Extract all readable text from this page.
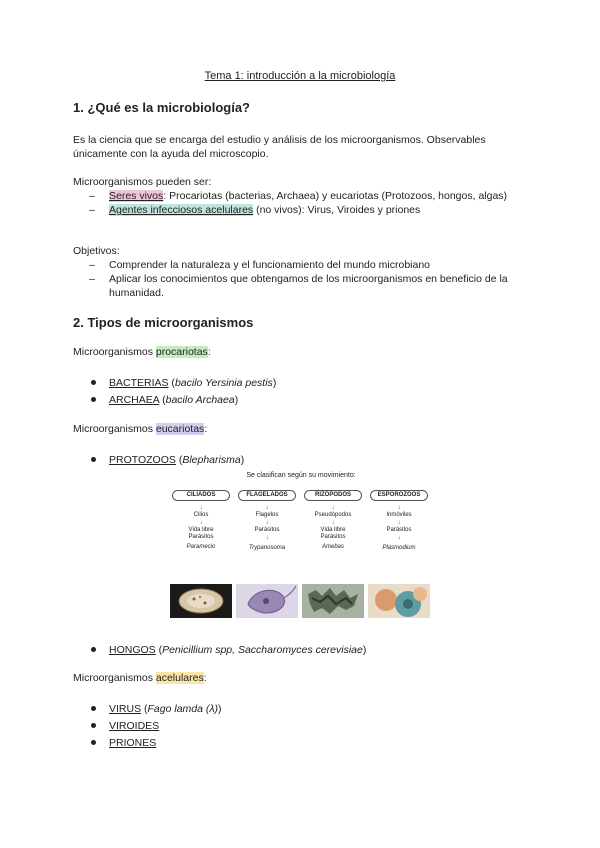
Tema 1: introducción a la microbiología
1. ¿Qué es la microbiología?
Es la ciencia que se encarga del estudio y análisis de los microorganismos. Observables únicamente con la ayuda del microscopio.
Microorganismos pueden ser:
– Seres vivos: Procariotas (bacterias, Archaea) y eucariotas (Protozoos, hongos, algas)
– Agentes infecciosos acelulares (no vivos): Virus, Viroides y priones
Objetivos:
– Comprender la naturaleza y el funcionamiento del mundo microbiano
– Aplicar los conocimientos que obtengamos de los microorganismos en beneficio de la humanidad.
2. Tipos de microorganismos
Microorganismos procariotas:
BACTERIAS (bacilo Yersinia pestis)
ARCHAEA (bacilo Archaea)
Microorganismos eucariotas:
PROTOZOOS (Blepharisma)
Se clasifican según su movimiento:
CILIADOS
↓
Cilios
↓
Vida libre
Parásitos
Paramecio
FLAGELADOS
↓
Flagelos
↓
Parásitos
↓
Trypanosoma
RIZÓPODOS
↓
Pseudópodos
↓
Vida libre
Parásitos
Amebas
ESPOROZOOS
↓
Inmóviles
↓
Parásitos
↓
Plasmodium
HONGOS (Penicillium spp, Saccharomyces cerevisiae)
Microorganismos acelulares:
VIRUS (Fago lamda (λ))
VIROIDES
PRIONES
